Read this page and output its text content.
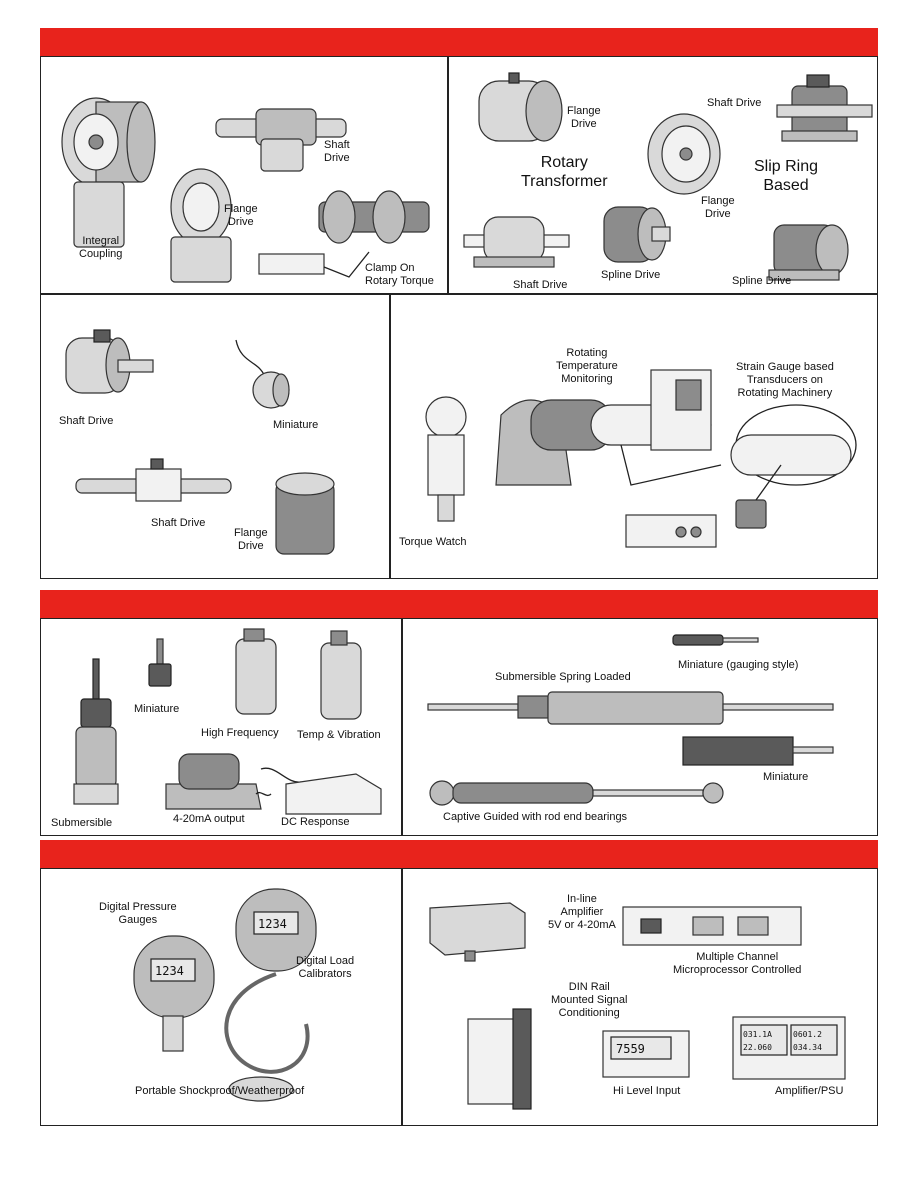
Integral
Coupling
Shaft
Drive
Flange
Drive
Clamp On
Rotary Torque
Flange
Drive
Rotary
Transformer
Flange
Drive
Shaft Drive
Slip Ring
Based
Shaft Drive
Spline Drive	Spline Drive
Shaft Drive	Miniature
Shaft Drive
Flange
Drive	Torque Watch
Rotating
Temperature
Monitoring
Strain Gauge based
Transducers on
Rotating Machinery
Submersible
Miniature
High Frequency Temp & Vibration
4-20mA output	DC Response
Miniature (gauging style)
Submersible Spring Loaded
Miniature
Captive Guided with rod end bearings
Digital Pressure
Gauges
1234
1234
Digital Load
Calibrators
Portable Shockproof/Weatherproof
In-line
Amplifier
5V or 4-20mA
Multiple Channel
Microprocessor Controlled
DIN Rail
Mounted Signal
Conditioning
7559
Hi Level Input
031.1A
22.060
0601.2
034.34
Amplifier/PSU
